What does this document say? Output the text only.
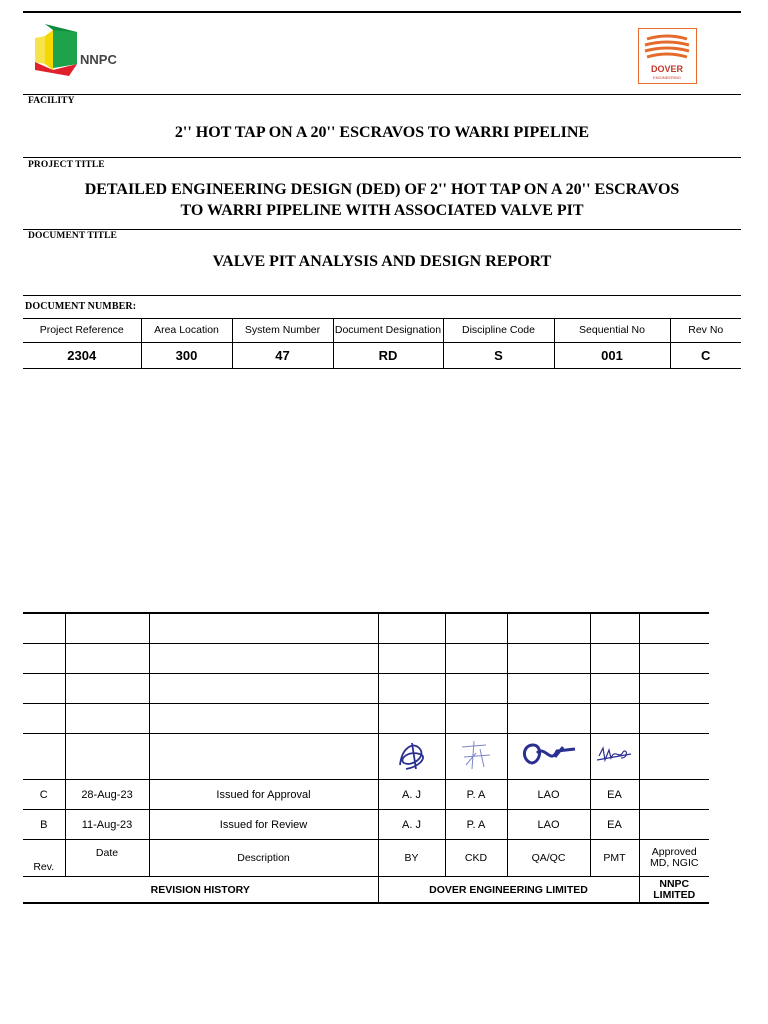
NNPC
DOVER
ENGINEERING
FACILITY
2'' HOT TAP ON A 20'' ESCRAVOS TO WARRI PIPELINE
PROJECT TITLE
DETAILED ENGINEERING DESIGN (DED) OF 2'' HOT TAP ON A 20'' ESCRAVOS
TO WARRI PIPELINE WITH ASSOCIATED VALVE PIT
DOCUMENT TITLE
VALVE PIT ANALYSIS AND DESIGN REPORT
DOCUMENT NUMBER:
Project Reference	Area Location	System Number	Document Designation	Discipline Code	Sequential No	Rev No
2304	300	47	RD	S	001	C

C	28-Aug-23	Issued for Approval	A. J	P. A	LAO	EA	
B	11-Aug-23	Issued for Review	A. J	P. A	LAO	EA	
Rev.	Date	Description	BY	CKD	QA/QC	PMT	Approved
MD, NGIC

REVISION HISTORY			DOVER ENGINEERING LIMITED				NNPC
LIMITED
